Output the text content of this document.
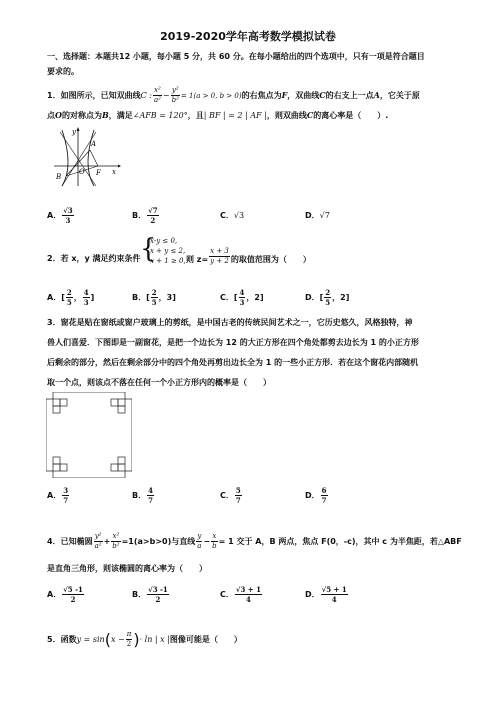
2019-2020学年高考数学模拟试卷
一、选择题：本题共12 小题，每小题 5 分，共 60 分。在每小题给出的四个选项中，只有一项是符合题目
要求的。
1．如图所示，已知双曲线C : $\frac{\text{x²}}{\text{a²}} - \frac{\text{y²}}{\text{b²}} = 1(a > 0$, b > 0)的右焦点为F，双曲线C的右支上一点A，它关于原
点O的对称点为B，满足∠AFB = 120°，且| BF | = 2 | AF |，则双曲线C的离心率是（　　）.
y
x
A
B	F
O
A． $\frac{√3}{3}$	B． $\frac{√7}{2}$	C．√3	D．√7
2．若 x，y 满足约束条件 {
x-y ≤ 0,
x + y ≤ 2,
x + 1 ≥ 0, 则 $z= \frac{x + 3}{y + 2}$ 的取值范围为（　　）
A．[ $\frac{2}{5}$ ， $\frac{4}{3}$ ]	B．[ $\frac{2}{5}$ ，3]	C．[ $\frac{4}{3}$ ，2]	D．[ $\frac{2}{5}$ ，2]
3．窗花是贴在窗纸或窗户玻璃上的剪纸，是中国古老的传统民间艺术之一，它历史悠久，风格独特，神
兽人们喜爱．下图即是一副窗花，是把一个边长为 12 的大正方形在四个角处都剪去边长为 1 的小正方形
后剩余的部分，然后在剩余部分中的四个角处再剪出边长全为 1 的一些小正方形．若在这个窗花内部随机
取一个点，则该点不落在任何一个小正方形内的概率是（　　）
A． $\frac{3}{7}$	B． $\frac{4}{7}$	C． $\frac{5}{7}$	D． $\frac{6}{7}$
4．已知椭圆 $\frac{\text{y²}}{\text{a²}} + \frac{\text{x²}}{\text{b²}} =1(a>b>0)$与直线 $\frac{y}{a} - \frac{x}{b} = 1$ 交于 A，B 两点，焦点 F(0，-c)，其中 c 为半焦距，若△ABF
是直角三角形，则该椭圆的离心率为（　　）
A． $\frac{√5 -1}{2}$	B． $\frac{√3 -1}{2}$	C． $\frac{√3 + 1}{4}$	D． $\frac{√5 + 1}{4}$
5．函数$y = \sin(x - \frac{\pi}{2}$ )· ln | x |图像可能是（　　）
